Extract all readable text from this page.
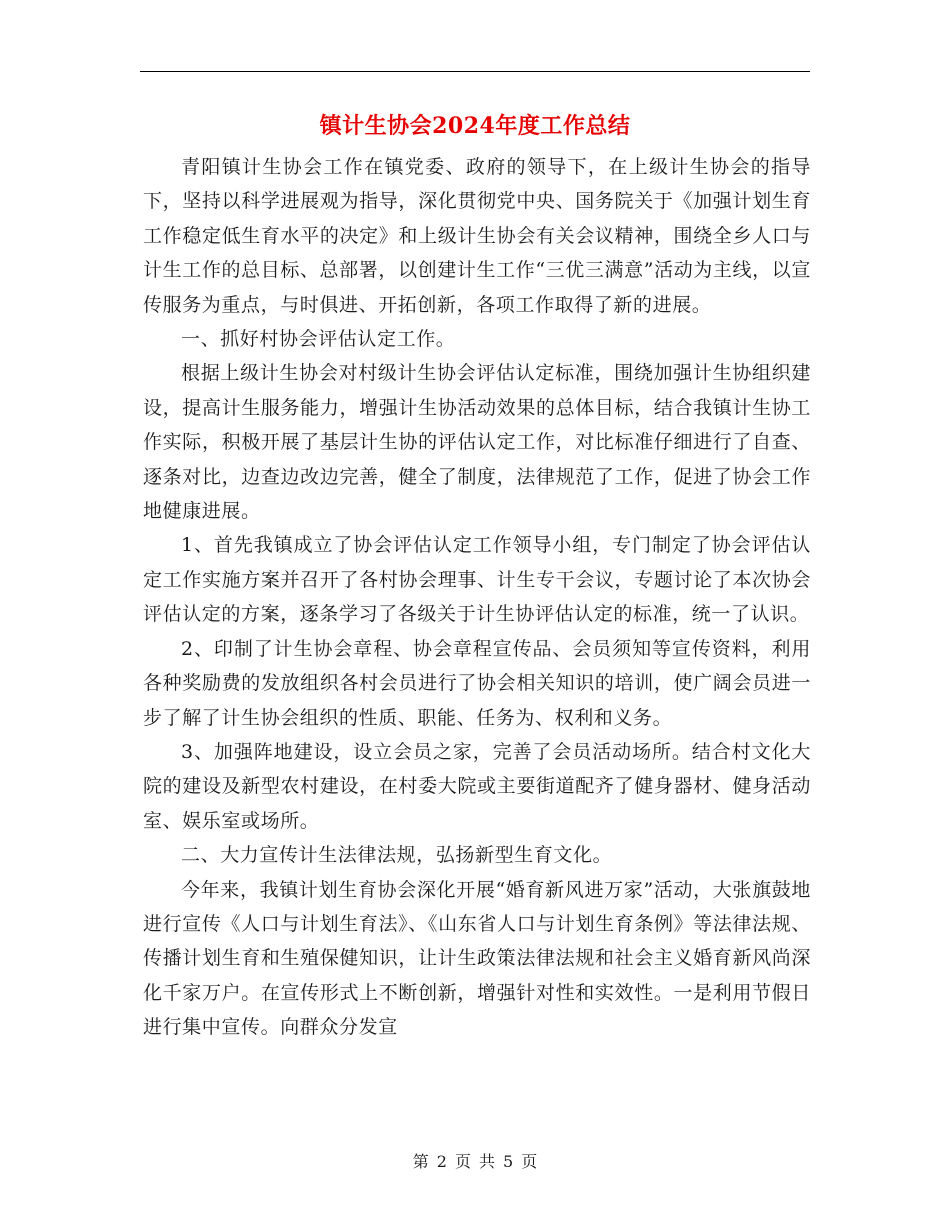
镇计生协会2024年度工作总结

青阳镇计生协会工作在镇党委、政府的领导下，在上级计生协会的指导下，坚持以科学进展观为指导，深化贯彻党中央、国务院关于《加强计划生育工作稳定低生育水平的决定》和上级计生协会有关会议精神，围绕全乡人口与计生工作的总目标、总部署，以创建计生工作“三优三满意”活动为主线，以宣传服务为重点，与时俱进、开拓创新，各项工作取得了新的进展。

一、抓好村协会评估认定工作。

根据上级计生协会对村级计生协会评估认定标准，围绕加强计生协组织建设，提高计生服务能力，增强计生协活动效果的总体目标，结合我镇计生协工作实际，积极开展了基层计生协的评估认定工作，对比标准仔细进行了自查、逐条对比，边查边改边完善，健全了制度，法律规范了工作，促进了协会工作地健康进展。

1、首先我镇成立了协会评估认定工作领导小组，专门制定了协会评估认定工作实施方案并召开了各村协会理事、计生专干会议，专题讨论了本次协会评估认定的方案，逐条学习了各级关于计生协评估认定的标准，统一了认识。

2、印制了计生协会章程、协会章程宣传品、会员须知等宣传资料，利用各种奖励费的发放组织各村会员进行了协会相关知识的培训，使广阔会员进一步了解了计生协会组织的性质、职能、任务为、权利和义务。

3、加强阵地建设，设立会员之家，完善了会员活动场所。结合村文化大院的建设及新型农村建设，在村委大院或主要街道配齐了健身器材、健身活动室、娱乐室或场所。

二、大力宣传计生法律法规，弘扬新型生育文化。

今年来，我镇计划生育协会深化开展“婚育新风进万家”活动，大张旗鼓地进行宣传《人口与计划生育法》、《山东省人口与计划生育条例》等法律法规、传播计划生育和生殖保健知识，让计生政策法律法规和社会主义婚育新风尚深化千家万户。在宣传形式上不断创新，增强针对性和实效性。一是利用节假日进行集中宣传。向群众分发宣

第 2 页 共 5 页
